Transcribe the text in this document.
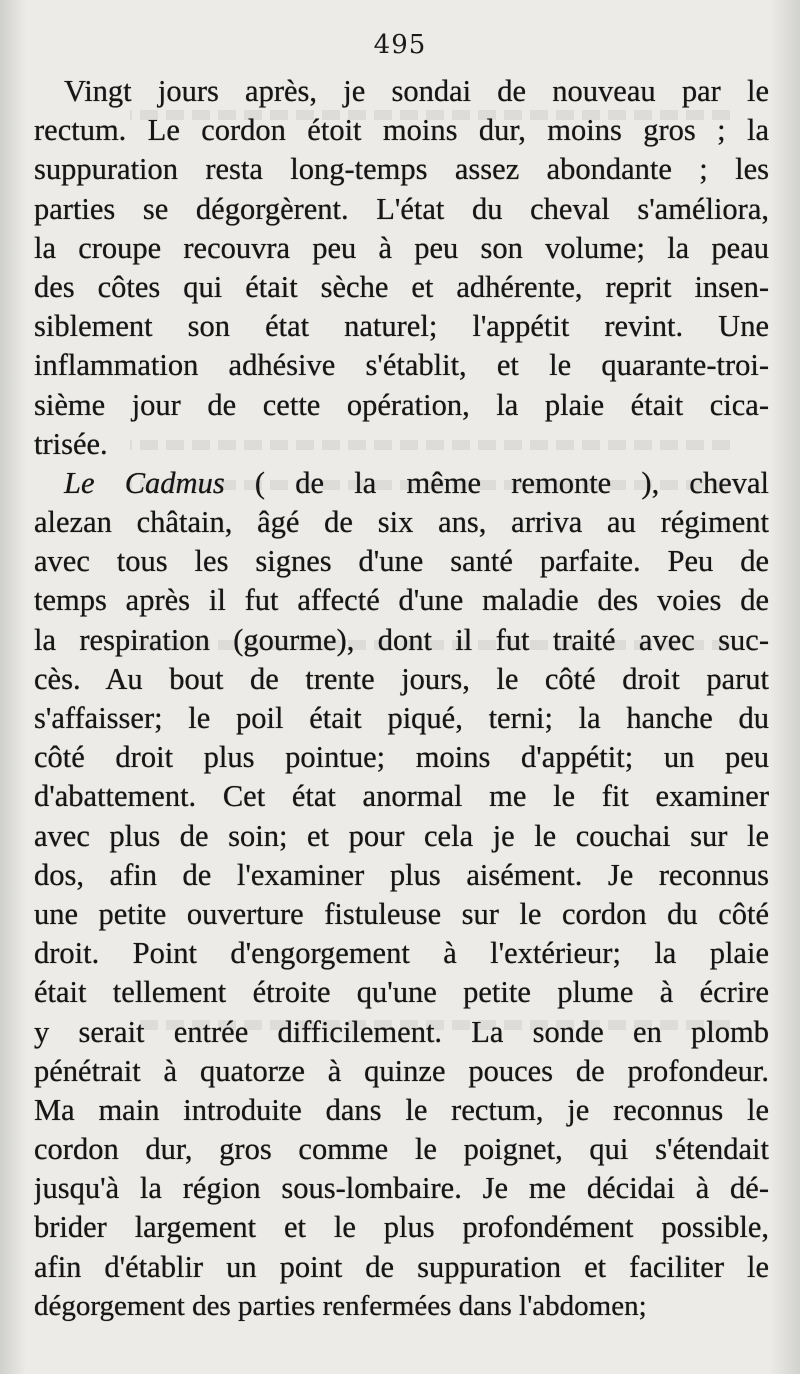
495
Vingt jours après, je sondai de nouveau par le
rectum. Le cordon étoit moins dur, moins gros ; la
suppuration resta long-temps assez abondante ; les
parties se dégorgèrent. L'état du cheval s'améliora,
la croupe recouvra peu à peu son volume; la peau
des côtes qui était sèche et adhérente, reprit insen-
siblement son état naturel; l'appétit revint. Une
inflammation adhésive s'établit, et le quarante-troi-
sième jour de cette opération, la plaie était cica-
trisée.
Le Cadmus ( de la même remonte ), cheval
alezan châtain, âgé de six ans, arriva au régiment
avec tous les signes d'une santé parfaite. Peu de
temps après il fut affecté d'une maladie des voies de
la respiration (gourme), dont il fut traité avec suc-
cès. Au bout de trente jours, le côté droit parut
s'affaisser; le poil était piqué, terni; la hanche du
côté droit plus pointue; moins d'appétit; un peu
d'abattement. Cet état anormal me le fit examiner
avec plus de soin; et pour cela je le couchai sur le
dos, afin de l'examiner plus aisément. Je reconnus
une petite ouverture fistuleuse sur le cordon du côté
droit. Point d'engorgement à l'extérieur; la plaie
était tellement étroite qu'une petite plume à écrire
y serait entrée difficilement. La sonde en plomb
pénétrait à quatorze à quinze pouces de profondeur.
Ma main introduite dans le rectum, je reconnus le
cordon dur, gros comme le poignet, qui s'étendait
jusqu'à la région sous-lombaire. Je me décidai à dé-
brider largement et le plus profondément possible,
afin d'établir un point de suppuration et faciliter le
dégorgement des parties renfermées dans l'abdomen;
